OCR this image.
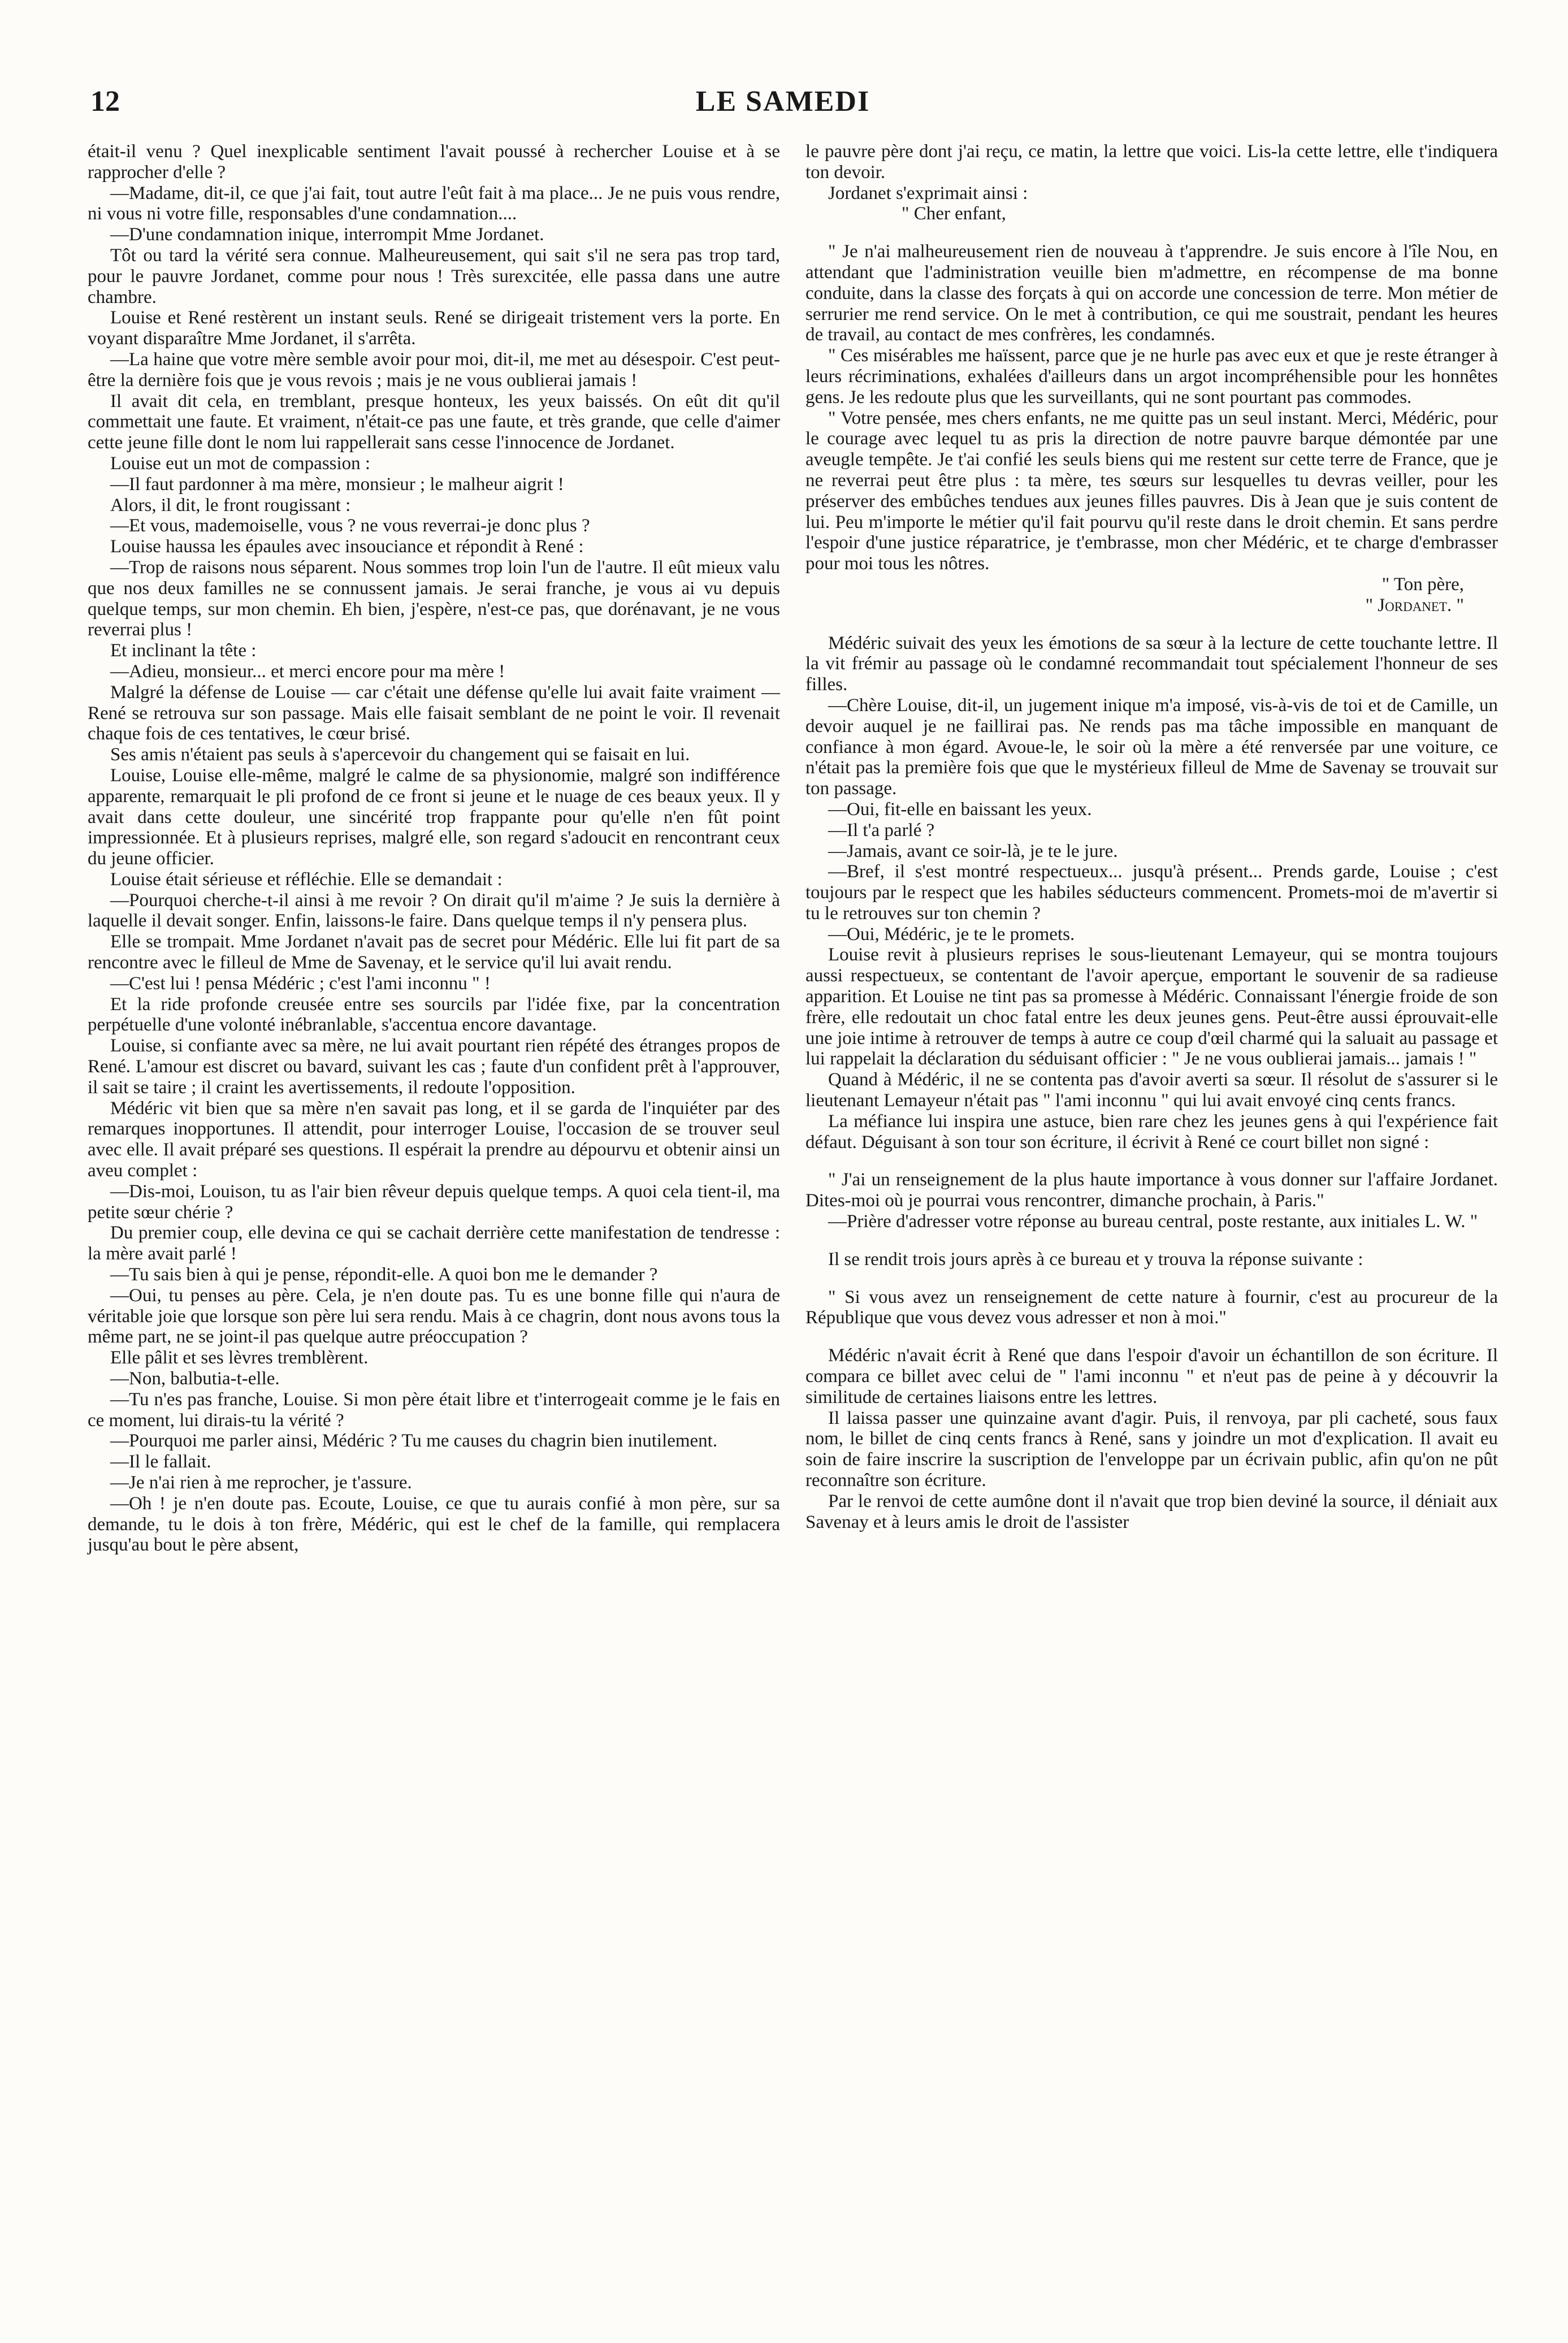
12	LE SAMEDI

était-il venu ? Quel inexplicable sentiment l'avait poussé à rechercher Louise et à se rapprocher d'elle ?

—Madame, dit-il, ce que j'ai fait, tout autre l'eût fait à ma place... Je ne puis vous rendre, ni vous ni votre fille, responsables d'une condamnation....

—D'une condamnation inique, interrompit Mme Jordanet.

Tôt ou tard la vérité sera connue. Malheureusement, qui sait s'il ne sera pas trop tard, pour le pauvre Jordanet, comme pour nous ! Très surexcitée, elle passa dans une autre chambre.

Louise et René restèrent un instant seuls. René se dirigeait tristement vers la porte. En voyant disparaître Mme Jordanet, il s'arrêta.

—La haine que votre mère semble avoir pour moi, dit-il, me met au désespoir. C'est peut-être la dernière fois que je vous revois ; mais je ne vous oublierai jamais !

Il avait dit cela, en tremblant, presque honteux, les yeux baissés. On eût dit qu'il commettait une faute. Et vraiment, n'était-ce pas une faute, et très grande, que celle d'aimer cette jeune fille dont le nom lui rappellerait sans cesse l'innocence de Jordanet.

Louise eut un mot de compassion :

—Il faut pardonner à ma mère, monsieur ; le malheur aigrit !

Alors, il dit, le front rougissant :

—Et vous, mademoiselle, vous ? ne vous reverrai-je donc plus ?

Louise haussa les épaules avec insouciance et répondit à René :

—Trop de raisons nous séparent. Nous sommes trop loin l'un de l'autre. Il eût mieux valu que nos deux familles ne se connussent jamais. Je serai franche, je vous ai vu depuis quelque temps, sur mon chemin. Eh bien, j'espère, n'est-ce pas, que dorénavant, je ne vous reverrai plus !

Et inclinant la tête :

—Adieu, monsieur... et merci encore pour ma mère !

Malgré la défense de Louise — car c'était une défense qu'elle lui avait faite vraiment — René se retrouva sur son passage. Mais elle faisait semblant de ne point le voir. Il revenait chaque fois de ces tentatives, le cœur brisé.

Ses amis n'étaient pas seuls à s'apercevoir du changement qui se faisait en lui.

Louise, Louise elle-même, malgré le calme de sa physionomie, malgré son indifférence apparente, remarquait le pli profond de ce front si jeune et le nuage de ces beaux yeux. Il y avait dans cette douleur, une sincérité trop frappante pour qu'elle n'en fût point impressionnée. Et à plusieurs reprises, malgré elle, son regard s'adoucit en rencontrant ceux du jeune officier.

Louise était sérieuse et réfléchie. Elle se demandait :

—Pourquoi cherche-t-il ainsi à me revoir ? On dirait qu'il m'aime ? Je suis la dernière à laquelle il devait songer. Enfin, laissons-le faire. Dans quelque temps il n'y pensera plus.

Elle se trompait. Mme Jordanet n'avait pas de secret pour Médéric. Elle lui fit part de sa rencontre avec le filleul de Mme de Savenay, et le service qu'il lui avait rendu.

—C'est lui ! pensa Médéric ; c'est l'ami inconnu " !

Et la ride profonde creusée entre ses sourcils par l'idée fixe, par la concentration perpétuelle d'une volonté inébranlable, s'accentua encore davantage.

Louise, si confiante avec sa mère, ne lui avait pourtant rien répété des étranges propos de René. L'amour est discret ou bavard, suivant les cas ; faute d'un confident prêt à l'approuver, il sait se taire ; il craint les avertissements, il redoute l'opposition.

Médéric vit bien que sa mère n'en savait pas long, et il se garda de l'inquiéter par des remarques inopportunes. Il attendit, pour interroger Louise, l'occasion de se trouver seul avec elle. Il avait préparé ses questions. Il espérait la prendre au dépourvu et obtenir ainsi un aveu complet :

—Dis-moi, Louison, tu as l'air bien rêveur depuis quelque temps. A quoi cela tient-il, ma petite sœur chérie ?

Du premier coup, elle devina ce qui se cachait derrière cette manifestation de tendresse : la mère avait parlé !

—Tu sais bien à qui je pense, répondit-elle. A quoi bon me le demander ?

—Oui, tu penses au père. Cela, je n'en doute pas. Tu es une bonne fille qui n'aura de véritable joie que lorsque son père lui sera rendu. Mais à ce chagrin, dont nous avons tous la même part, ne se joint-il pas quelque autre préoccupation ?

Elle pâlit et ses lèvres tremblèrent.

—Non, balbutia-t-elle.

—Tu n'es pas franche, Louise. Si mon père était libre et t'interrogeait comme je le fais en ce moment, lui dirais-tu la vérité ?

—Pourquoi me parler ainsi, Médéric ? Tu me causes du chagrin bien inutilement.

—Il le fallait.

—Je n'ai rien à me reprocher, je t'assure.

—Oh ! je n'en doute pas. Ecoute, Louise, ce que tu aurais confié à mon père, sur sa demande, tu le dois à ton frère, Médéric, qui est le chef de la famille, qui remplacera jusqu'au bout le père absent,

le pauvre père dont j'ai reçu, ce matin, la lettre que voici. Lis-la cette lettre, elle t'indiquera ton devoir.

Jordanet s'exprimait ainsi :

" Cher enfant,

" Je n'ai malheureusement rien de nouveau à t'apprendre. Je suis encore à l'île Nou, en attendant que l'administration veuille bien m'admettre, en récompense de ma bonne conduite, dans la classe des forçats à qui on accorde une concession de terre. Mon métier de serrurier me rend service. On le met à contribution, ce qui me soustrait, pendant les heures de travail, au contact de mes confrères, les condamnés.

" Ces misérables me haïssent, parce que je ne hurle pas avec eux et que je reste étranger à leurs récriminations, exhalées d'ailleurs dans un argot incompréhensible pour les honnêtes gens. Je les redoute plus que les surveillants, qui ne sont pourtant pas commodes.

" Votre pensée, mes chers enfants, ne me quitte pas un seul instant. Merci, Médéric, pour le courage avec lequel tu as pris la direction de notre pauvre barque démontée par une aveugle tempête. Je t'ai confié les seuls biens qui me restent sur cette terre de France, que je ne reverrai peut être plus : ta mère, tes sœurs sur lesquelles tu devras veiller, pour les préserver des embûches tendues aux jeunes filles pauvres. Dis à Jean que je suis content de lui. Peu m'importe le métier qu'il fait pourvu qu'il reste dans le droit chemin. Et sans perdre l'espoir d'une justice réparatrice, je t'embrasse, mon cher Médéric, et te charge d'embrasser pour moi tous les nôtres.

" Ton père,

" Jordanet. "

Médéric suivait des yeux les émotions de sa sœur à la lecture de cette touchante lettre. Il la vit frémir au passage où le condamné recommandait tout spécialement l'honneur de ses filles.

—Chère Louise, dit-il, un jugement inique m'a imposé, vis-à-vis de toi et de Camille, un devoir auquel je ne faillirai pas. Ne rends pas ma tâche impossible en manquant de confiance à mon égard. Avoue-le, le soir où la mère a été renversée par une voiture, ce n'était pas la première fois que que le mystérieux filleul de Mme de Savenay se trouvait sur ton passage.

—Oui, fit-elle en baissant les yeux.

—Il t'a parlé ?

—Jamais, avant ce soir-là, je te le jure.

—Bref, il s'est montré respectueux... jusqu'à présent... Prends garde, Louise ; c'est toujours par le respect que les habiles séducteurs commencent. Promets-moi de m'avertir si tu le retrouves sur ton chemin ?

—Oui, Médéric, je te le promets.

Louise revit à plusieurs reprises le sous-lieutenant Lemayeur, qui se montra toujours aussi respectueux, se contentant de l'avoir aperçue, emportant le souvenir de sa radieuse apparition. Et Louise ne tint pas sa promesse à Médéric. Connaissant l'énergie froide de son frère, elle redoutait un choc fatal entre les deux jeunes gens. Peut-être aussi éprouvait-elle une joie intime à retrouver de temps à autre ce coup d'œil charmé qui la saluait au passage et lui rappelait la déclaration du séduisant officier : " Je ne vous oublierai jamais... jamais ! "

Quand à Médéric, il ne se contenta pas d'avoir averti sa sœur. Il résolut de s'assurer si le lieutenant Lemayeur n'était pas " l'ami inconnu " qui lui avait envoyé cinq cents francs.

La méfiance lui inspira une astuce, bien rare chez les jeunes gens à qui l'expérience fait défaut. Déguisant à son tour son écriture, il écrivit à René ce court billet non signé :

" J'ai un renseignement de la plus haute importance à vous donner sur l'affaire Jordanet. Dites-moi où je pourrai vous rencontrer, dimanche prochain, à Paris."

—Prière d'adresser votre réponse au bureau central, poste restante, aux initiales L. W. "

Il se rendit trois jours après à ce bureau et y trouva la réponse suivante :

" Si vous avez un renseignement de cette nature à fournir, c'est au procureur de la République que vous devez vous adresser et non à moi."

Médéric n'avait écrit à René que dans l'espoir d'avoir un échantillon de son écriture. Il compara ce billet avec celui de " l'ami inconnu " et n'eut pas de peine à y découvrir la similitude de certaines liaisons entre les lettres.

Il laissa passer une quinzaine avant d'agir. Puis, il renvoya, par pli cacheté, sous faux nom, le billet de cinq cents francs à René, sans y joindre un mot d'explication. Il avait eu soin de faire inscrire la suscription de l'enveloppe par un écrivain public, afin qu'on ne pût reconnaître son écriture.

Par le renvoi de cette aumône dont il n'avait que trop bien deviné la source, il déniait aux Savenay et à leurs amis le droit de l'assister
